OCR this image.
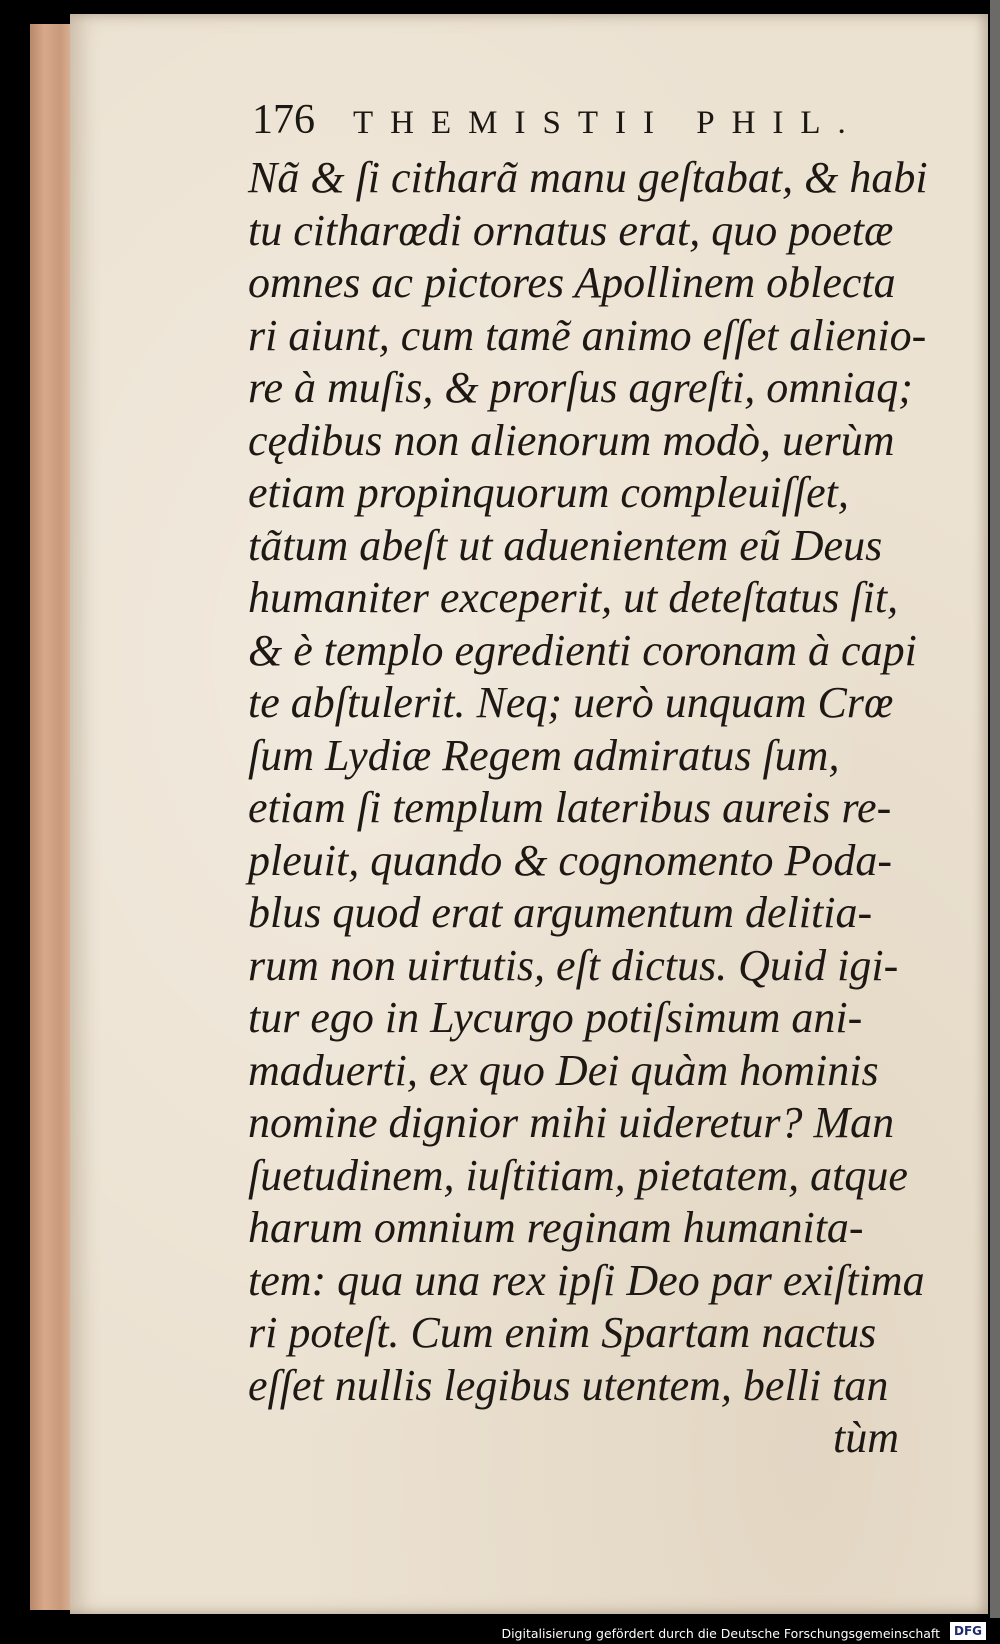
176 THEMISTII PHIL.
Nã & ſi citharã manu geſtabat, & habi
tu citharœdi ornatus erat, quo poetæ
omnes ac pictores Apollinem oblecta
ri aiunt, cum tamẽ animo eſſet alienio-
re à muſis, & prorſus agreſti, omniaq;
cędibus non alienorum modò, uerùm
etiam propinquorum compleuiſſet,
tãtum abeſt ut aduenientem eũ Deus
humaniter exceperit, ut deteſtatus ſit,
& è templo egredienti coronam à capi
te abſtulerit. Neq; uerò unquam Crœ
ſum Lydiæ Regem admiratus ſum,
etiam ſi templum lateribus aureis re-
pleuit, quando & cognomento Poda-
blus quod erat argumentum delitia-
rum non uirtutis, eſt dictus. Quid igi-
tur ego in Lycurgo potiſsimum ani-
maduerti, ex quo Dei quàm hominis
nomine dignior mihi uideretur? Man
ſuetudinem, iuſtitiam, pietatem, atque
harum omnium reginam humanita-
tem: qua una rex ipſi Deo par exiſtima
ri poteſt. Cum enim Spartam nactus
eſſet nullis legibus utentem, belli tan
tùm
Digitalisierung gefördert durch die Deutsche Forschungsgemeinschaft	DFG
